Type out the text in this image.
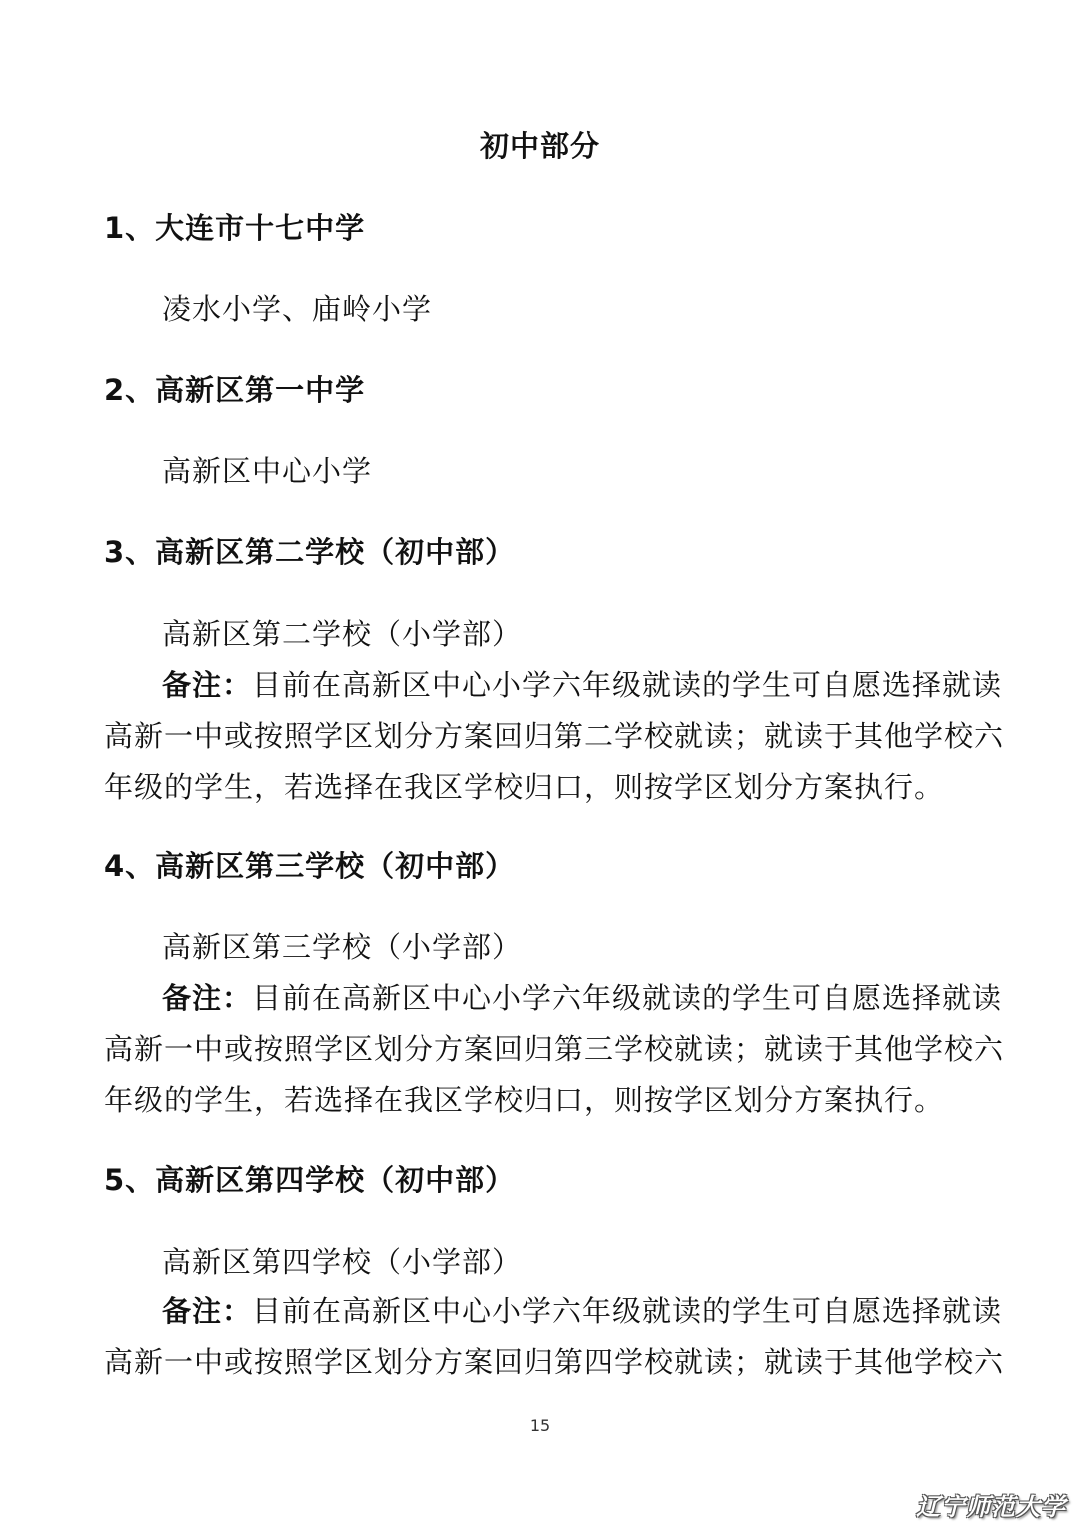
初中部分
1、大连市十七中学
凌水小学、庙岭小学
2、高新区第一中学
高新区中心小学
3、高新区第二学校（初中部）
高新区第二学校（小学部）
备注：目前在高新区中心小学六年级就读的学生可自愿选择就读
高新一中或按照学区划分方案回归第二学校就读；就读于其他学校六
年级的学生，若选择在我区学校归口，则按学区划分方案执行。
4、高新区第三学校（初中部）
高新区第三学校（小学部）
备注：目前在高新区中心小学六年级就读的学生可自愿选择就读
高新一中或按照学区划分方案回归第三学校就读；就读于其他学校六
年级的学生，若选择在我区学校归口，则按学区划分方案执行。
5、高新区第四学校（初中部）
高新区第四学校（小学部）
备注：目前在高新区中心小学六年级就读的学生可自愿选择就读
高新一中或按照学区划分方案回归第四学校就读；就读于其他学校六
15
辽宁师范大学
